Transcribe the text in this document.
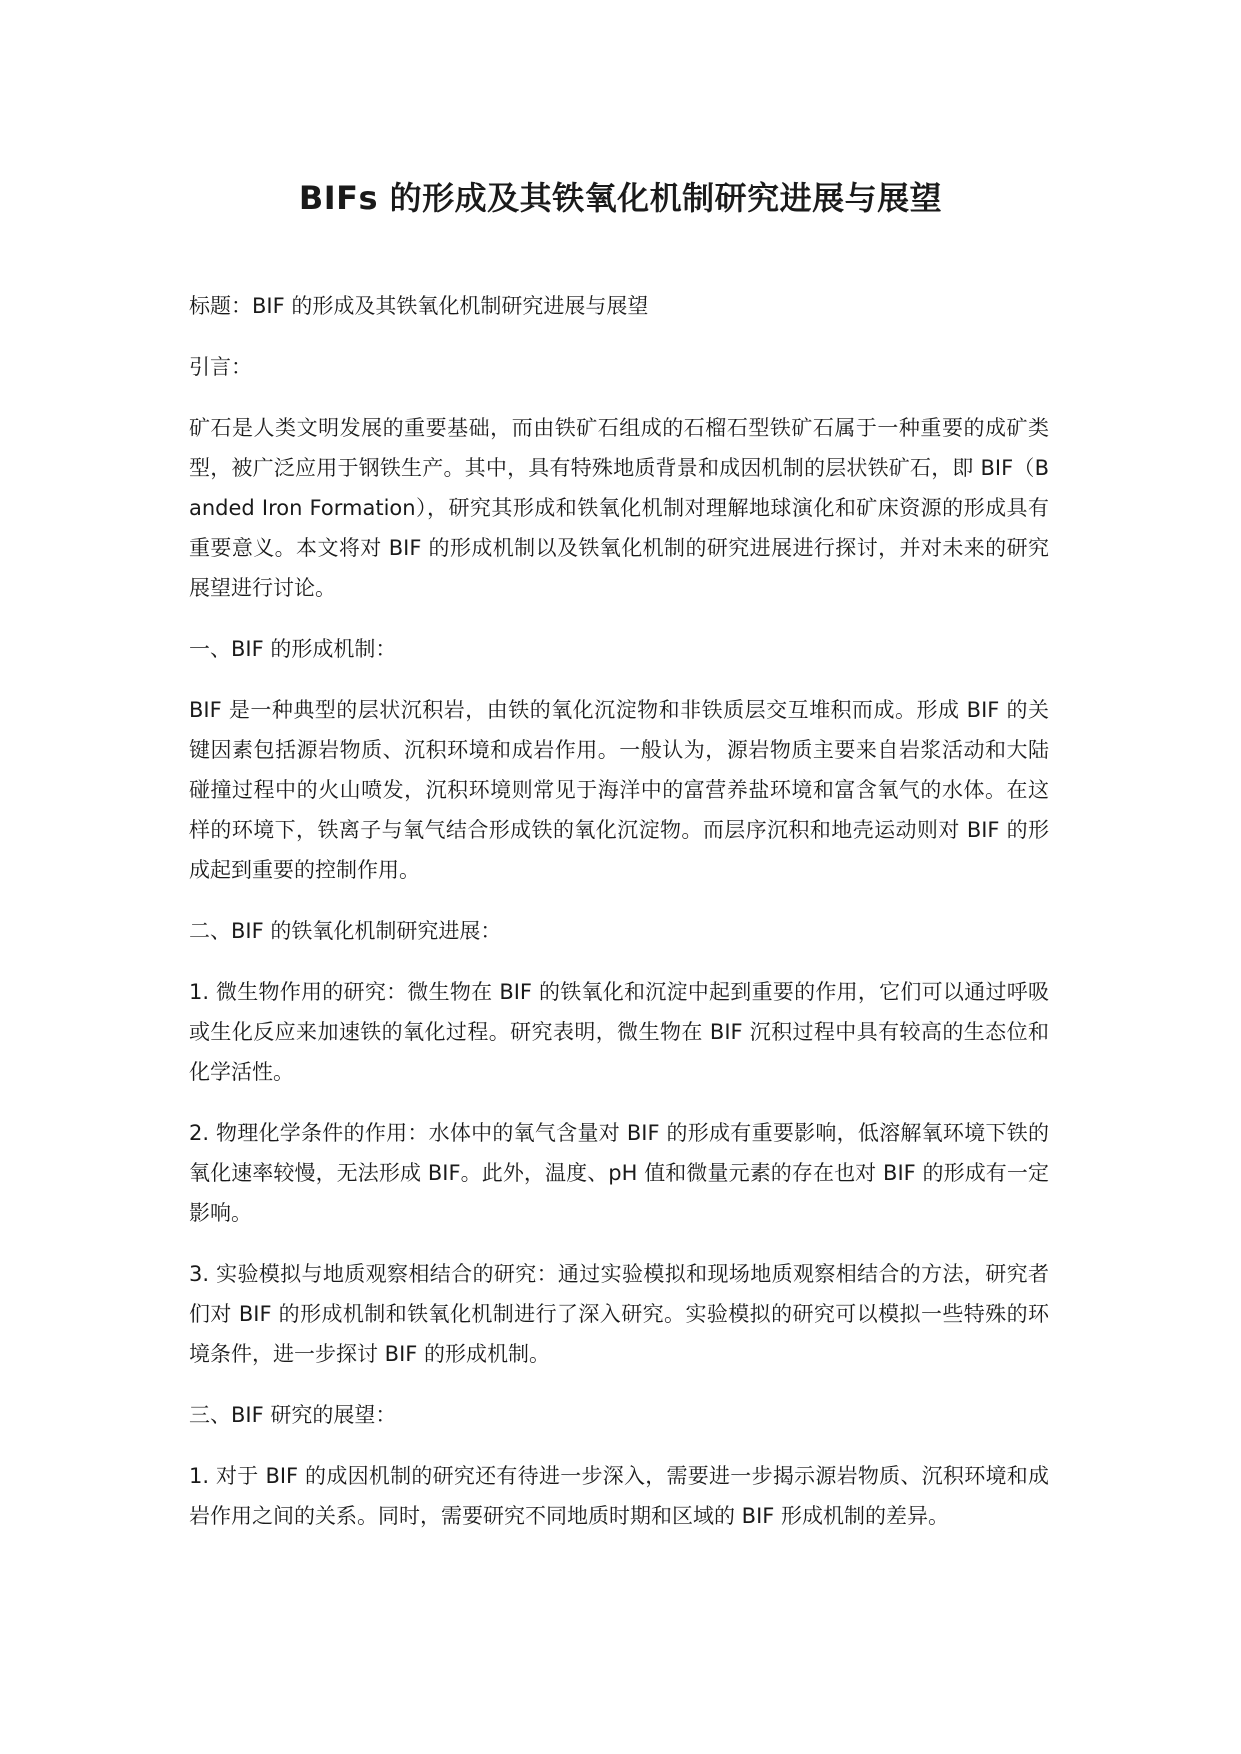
BIFs 的形成及其铁氧化机制研究进展与展望

标题：BIF 的形成及其铁氧化机制研究进展与展望

引言：

矿石是人类文明发展的重要基础，而由铁矿石组成的石榴石型铁矿石属于一种重要的成矿类型，被广泛应用于钢铁生产。其中，具有特殊地质背景和成因机制的层状铁矿石，即 BIF（Banded Iron Formation），研究其形成和铁氧化机制对理解地球演化和矿床资源的形成具有重要意义。本文将对 BIF 的形成机制以及铁氧化机制的研究进展进行探讨，并对未来的研究展望进行讨论。

一、BIF 的形成机制：

BIF 是一种典型的层状沉积岩，由铁的氧化沉淀物和非铁质层交互堆积而成。形成 BIF 的关键因素包括源岩物质、沉积环境和成岩作用。一般认为，源岩物质主要来自岩浆活动和大陆碰撞过程中的火山喷发，沉积环境则常见于海洋中的富营养盐环境和富含氧气的水体。在这样的环境下，铁离子与氧气结合形成铁的氧化沉淀物。而层序沉积和地壳运动则对 BIF 的形成起到重要的控制作用。

二、BIF 的铁氧化机制研究进展：

1. 微生物作用的研究：微生物在 BIF 的铁氧化和沉淀中起到重要的作用，它们可以通过呼吸或生化反应来加速铁的氧化过程。研究表明，微生物在 BIF 沉积过程中具有较高的生态位和化学活性。

2. 物理化学条件的作用：水体中的氧气含量对 BIF 的形成有重要影响，低溶解氧环境下铁的氧化速率较慢，无法形成 BIF。此外，温度、pH 值和微量元素的存在也对 BIF 的形成有一定影响。

3. 实验模拟与地质观察相结合的研究：通过实验模拟和现场地质观察相结合的方法，研究者们对 BIF 的形成机制和铁氧化机制进行了深入研究。实验模拟的研究可以模拟一些特殊的环境条件，进一步探讨 BIF 的形成机制。

三、BIF 研究的展望：

1. 对于 BIF 的成因机制的研究还有待进一步深入，需要进一步揭示源岩物质、沉积环境和成岩作用之间的关系。同时，需要研究不同地质时期和区域的 BIF 形成机制的差异。
